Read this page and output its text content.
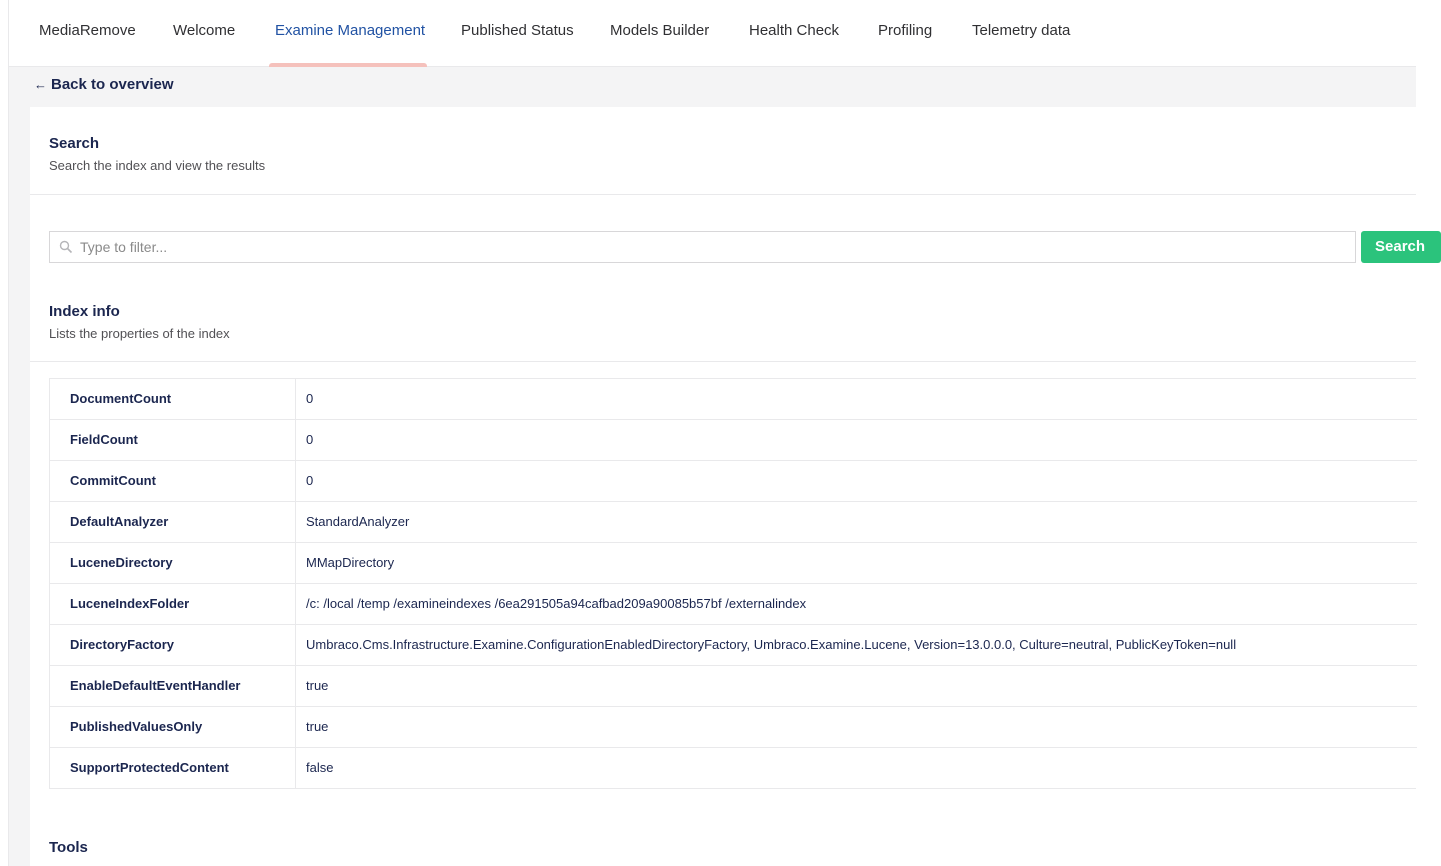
MediaRemove Welcome	Examine Management Published Status Models Builder	Health Check	Profiling	Telemetry data
← Back to overview
Search
Search the index and view the results
Type to filter...
Search
Index info
Lists the properties of the index
DocumentCount	0
FieldCount	0
CommitCount	0
DefaultAnalyzer	StandardAnalyzer
LuceneDirectory	MMapDirectory
LuceneIndexFolder	/c: /local /temp /examineindexes /6ea291505a94cafbad209a90085b57bf /externalindex
DirectoryFactory	Umbraco.Cms.Infrastructure.Examine.ConfigurationEnabledDirectoryFactory, Umbraco.Examine.Lucene, Version=13.0.0.0, Culture=neutral, PublicKeyToken=null
EnableDefaultEventHandler	true
PublishedValuesOnly	true
SupportProtectedContent	false
Tools
